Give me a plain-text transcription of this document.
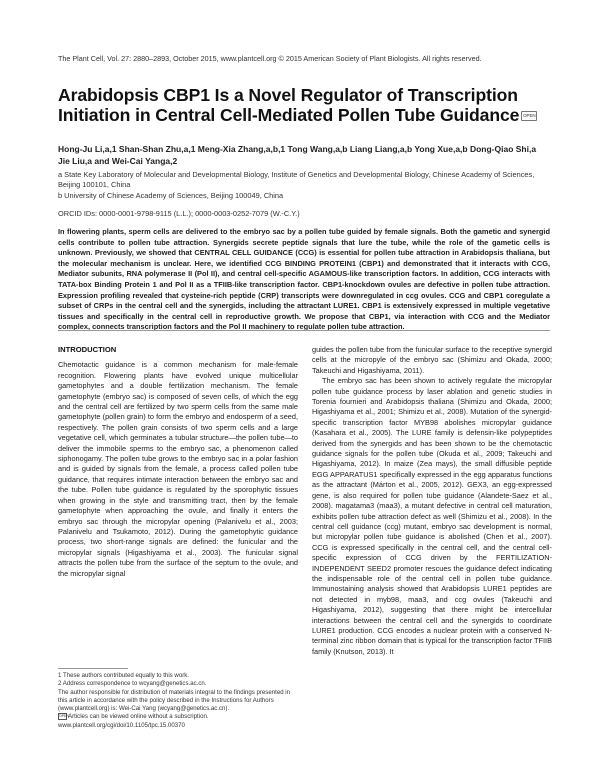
The Plant Cell, Vol. 27: 2880–2893, October 2015, www.plantcell.org © 2015 American Society of Plant Biologists. All rights reserved.
Arabidopsis CBP1 Is a Novel Regulator of Transcription Initiation in Central Cell-Mediated Pollen Tube Guidance OPEN
Hong-Ju Li,a,1 Shan-Shan Zhu,a,1 Meng-Xia Zhang,a,b,1 Tong Wang,a,b Liang Liang,a,b Yong Xue,a,b Dong-Qiao Shi,a
Jie Liu,a and Wei-Cai Yanga,2
a State Key Laboratory of Molecular and Developmental Biology, Institute of Genetics and Developmental Biology, Chinese Academy of Sciences, Beijing 100101, China
b University of Chinese Academy of Sciences, Beijing 100049, China
ORCID IDs: 0000-0001-9798-9115 (L.L.); 0000-0003-0252-7079 (W.-C.Y.)
In flowering plants, sperm cells are delivered to the embryo sac by a pollen tube guided by female signals. Both the gametic and synergid cells contribute to pollen tube attraction. Synergids secrete peptide signals that lure the tube, while the role of the gametic cells is unknown. Previously, we showed that CENTRAL CELL GUIDANCE (CCG) is essential for pollen tube attraction in Arabidopsis thaliana, but the molecular mechanism is unclear. Here, we identified CCG BINDING PROTEIN1 (CBP1) and demonstrated that it interacts with CCG, Mediator subunits, RNA polymerase II (Pol II), and central cell-specific AGAMOUS-like transcription factors. In addition, CCG interacts with TATA-box Binding Protein 1 and Pol II as a TFIIB-like transcription factor. CBP1-knockdown ovules are defective in pollen tube attraction. Expression profiling revealed that cysteine-rich peptide (CRP) transcripts were downregulated in ccg ovules. CCG and CBP1 coregulate a subset of CRPs in the central cell and the synergids, including the attractant LURE1. CBP1 is extensively expressed in multiple vegetative tissues and specifically in the central cell in reproductive growth. We propose that CBP1, via interaction with CCG and the Mediator complex, connects transcription factors and the Pol II machinery to regulate pollen tube attraction.
INTRODUCTION

Chemotactic guidance is a common mechanism for male-female recognition. Flowering plants have evolved unique multicellular gametophytes and a double fertilization mechanism. The female gametophyte (embryo sac) is composed of seven cells, of which the egg and the central cell are fertilized by two sperm cells from the same male gametophyte (pollen grain) to form the embryo and endosperm of a seed, respectively. The pollen grain consists of two sperm cells and a large vegetative cell, which germinates a tubular structure—the pollen tube—to deliver the immobile sperms to the embryo sac, a phenomenon called siphonogamy. The pollen tube grows to the embryo sac in a polar fashion and is guided by signals from the female, a process called pollen tube guidance, that requires intimate interaction between the embryo sac and the tube. Pollen tube guidance is regulated by the sporophytic tissues when growing in the style and transmitting tract, then by the female gametophyte when approaching the ovule, and finally it enters the embryo sac through the micropylar opening (Palanivelu et al., 2003; Palanivelu and Tsukamoto, 2012). During the gametophytic guidance process, two short-range signals are defined: the funicular and the micropylar signals (Higashiyama et al., 2003). The funicular signal attracts the pollen tube from the surface of the septum to the ovule, and the micropylar signal

guides the pollen tube from the funicular surface to the receptive synergid cells at the micropyle of the embryo sac (Shimizu and Okada, 2000; Takeuchi and Higashiyama, 2011).

The embryo sac has been shown to actively regulate the micropylar pollen tube guidance process by laser ablation and genetic studies in Torenia fournieri and Arabidopsis thaliana (Shimizu and Okada, 2000; Higashiyama et al., 2001; Shimizu et al., 2008). Mutation of the synergid-specific transcription factor MYB98 abolishes micropylar guidance (Kasahara et al., 2005). The LURE family is defensin-like polypeptides derived from the synergids and has been shown to be the chemotactic guidance signals for the pollen tube (Okuda et al., 2009; Takeuchi and Higashiyama, 2012). In maize (Zea mays), the small diffusible peptide EGG APPARATUS1 specifically expressed in the egg apparatus functions as the attractant (Márton et al., 2005, 2012). GEX3, an egg-expressed gene, is also required for pollen tube guidance (Alandete-Saez et al., 2008). magatama3 (maa3), a mutant defective in central cell maturation, exhibits pollen tube attraction defect as well (Shimizu et al., 2008). In the central cell guidance (ccg) mutant, embryo sac development is normal, but micropylar pollen tube guidance is abolished (Chen et al., 2007). CCG is expressed specifically in the central cell, and the central cell-specific expression of CCG driven by the FERTILIZATION-INDEPENDENT SEED2 promoter rescues the guidance defect indicating the indispensable role of the central cell in pollen tube guidance. Immunostaining analysis showed that Arabidopsis LURE1 peptides are not detected in myb98, maa3, and ccg ovules (Takeuchi and Higashiyama, 2012), suggesting that there might be intercellular interactions between the central cell and the synergids to coordinate LURE1 production. CCG encodes a nuclear protein with a conserved N-terminal zinc ribbon domain that is typical for the transcription factor TFIIB family (Knutson, 2013). It

1 These authors contributed equally to this work.

2 Address correspondence to wcyang@genetics.ac.cn.

The author responsible for distribution of materials integral to the findings presented in this article in accordance with the policy described in the Instructions for Authors (www.plantcell.org) is: Wei-Cai Yang (wcyang@genetics.ac.cn).

OPENArticles can be viewed online without a subscription.

www.plantcell.org/cgi/doi/10.1105/tpc.15.00370
